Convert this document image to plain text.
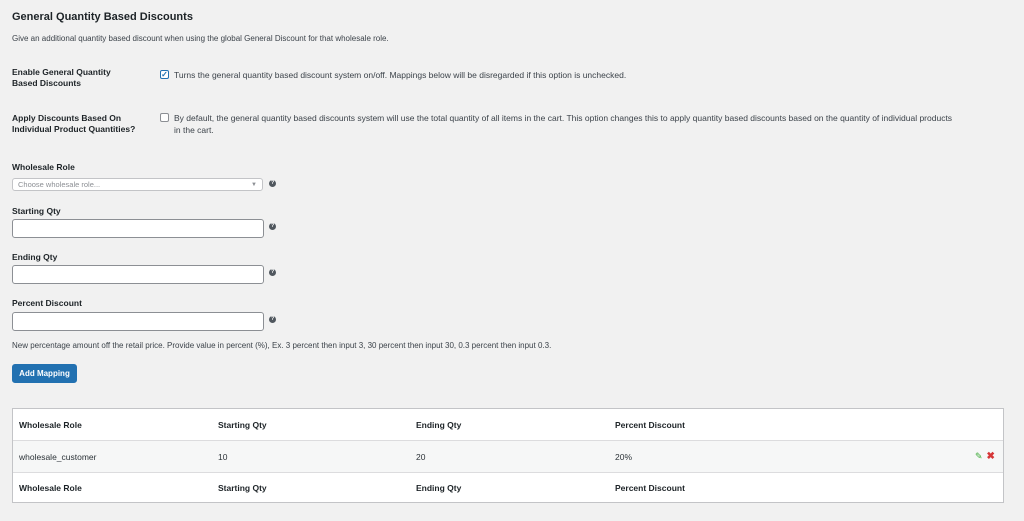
General Quantity Based Discounts
Give an additional quantity based discount when using the global General Discount for that wholesale role.
Enable General Quantity
Based Discounts
✓ Turns the general quantity based discount system on/off. Mappings below will be disregarded if this option is unchecked.
Apply Discounts Based On
Individual Product Quantities?
By default, the general quantity based discounts system will use the total quantity of all items in the cart. This option changes this to apply quantity based discounts based on the quantity of individual products
in the cart.
Wholesale Role
Choose wholesale role...	▼	?
Starting Qty
?
Ending Qty
?
Percent Discount
?
New percentage amount off the retail price. Provide value in percent (%), Ex. 3 percent then input 3, 30 percent then input 30, 0.3 percent then input 0.3.
Add Mapping
Wholesale Role	Starting Qty	Ending Qty	Percent Discount
wholesale_customer	10	20	20%	✎ ✖
Wholesale Role	Starting Qty	Ending Qty	Percent Discount
